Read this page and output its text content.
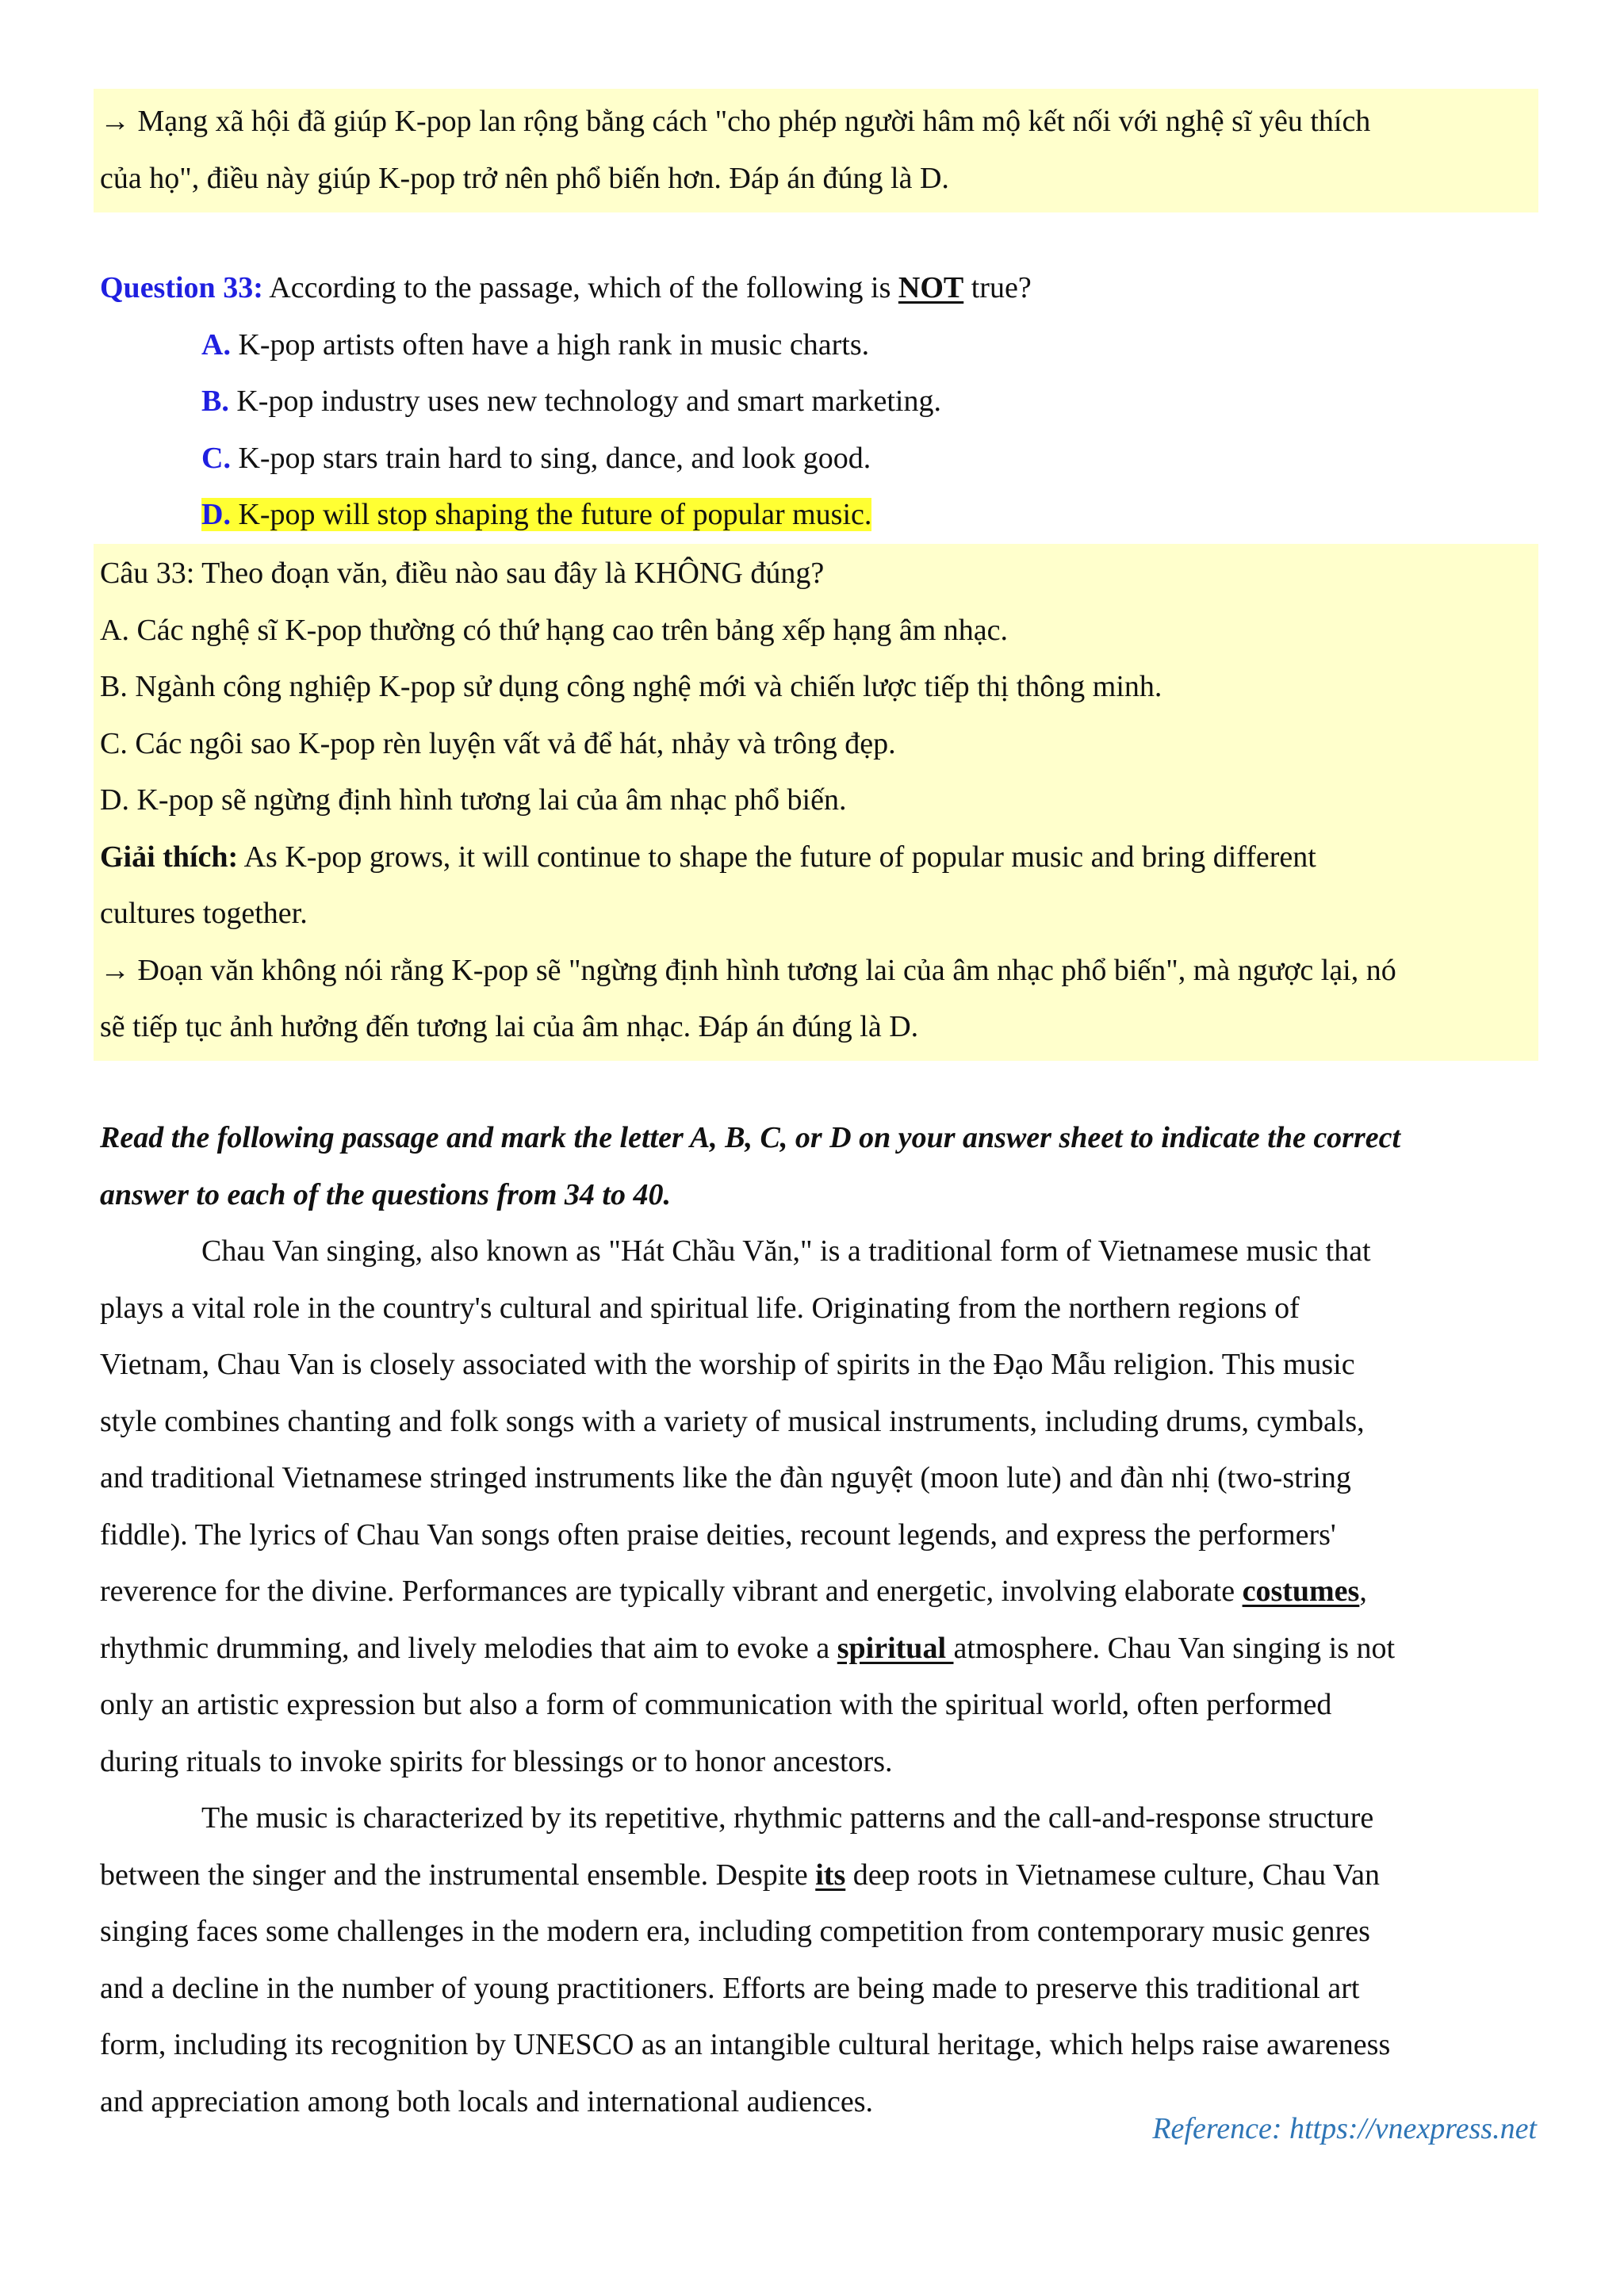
→ Mạng xã hội đã giúp K-pop lan rộng bằng cách "cho phép người hâm mộ kết nối với nghệ sĩ yêu thích
của họ", điều này giúp K-pop trở nên phổ biến hơn. Đáp án đúng là D.
Question 33: According to the passage, which of the following is NOT true?
A. K-pop artists often have a high rank in music charts.
B. K-pop industry uses new technology and smart marketing.
C. K-pop stars train hard to sing, dance, and look good.
D. K-pop will stop shaping the future of popular music.
Câu 33: Theo đoạn văn, điều nào sau đây là KHÔNG đúng?
A. Các nghệ sĩ K-pop thường có thứ hạng cao trên bảng xếp hạng âm nhạc.
B. Ngành công nghiệp K-pop sử dụng công nghệ mới và chiến lược tiếp thị thông minh.
C. Các ngôi sao K-pop rèn luyện vất vả để hát, nhảy và trông đẹp.
D. K-pop sẽ ngừng định hình tương lai của âm nhạc phổ biến.
Giải thích: As K-pop grows, it will continue to shape the future of popular music and bring different
cultures together.
→ Đoạn văn không nói rằng K-pop sẽ "ngừng định hình tương lai của âm nhạc phổ biến", mà ngược lại, nó
sẽ tiếp tục ảnh hưởng đến tương lai của âm nhạc. Đáp án đúng là D.
Read the following passage and mark the letter A, B, C, or D on your answer sheet to indicate the correct
answer to each of the questions from 34 to 40.
Chau Van singing, also known as "Hát Chầu Văn," is a traditional form of Vietnamese music that
plays a vital role in the country's cultural and spiritual life. Originating from the northern regions of
Vietnam, Chau Van is closely associated with the worship of spirits in the Đạo Mẫu religion. This music
style combines chanting and folk songs with a variety of musical instruments, including drums, cymbals,
and traditional Vietnamese stringed instruments like the đàn nguyệt (moon lute) and đàn nhị (two-string
fiddle). The lyrics of Chau Van songs often praise deities, recount legends, and express the performers'
reverence for the divine. Performances are typically vibrant and energetic, involving elaborate costumes,
rhythmic drumming, and lively melodies that aim to evoke a spiritual atmosphere. Chau Van singing is not
only an artistic expression but also a form of communication with the spiritual world, often performed
during rituals to invoke spirits for blessings or to honor ancestors.
The music is characterized by its repetitive, rhythmic patterns and the call-and-response structure
between the singer and the instrumental ensemble. Despite its deep roots in Vietnamese culture, Chau Van
singing faces some challenges in the modern era, including competition from contemporary music genres
and a decline in the number of young practitioners. Efforts are being made to preserve this traditional art
form, including its recognition by UNESCO as an intangible cultural heritage, which helps raise awareness
and appreciation among both locals and international audiences.
Reference: https://vnexpress.net
